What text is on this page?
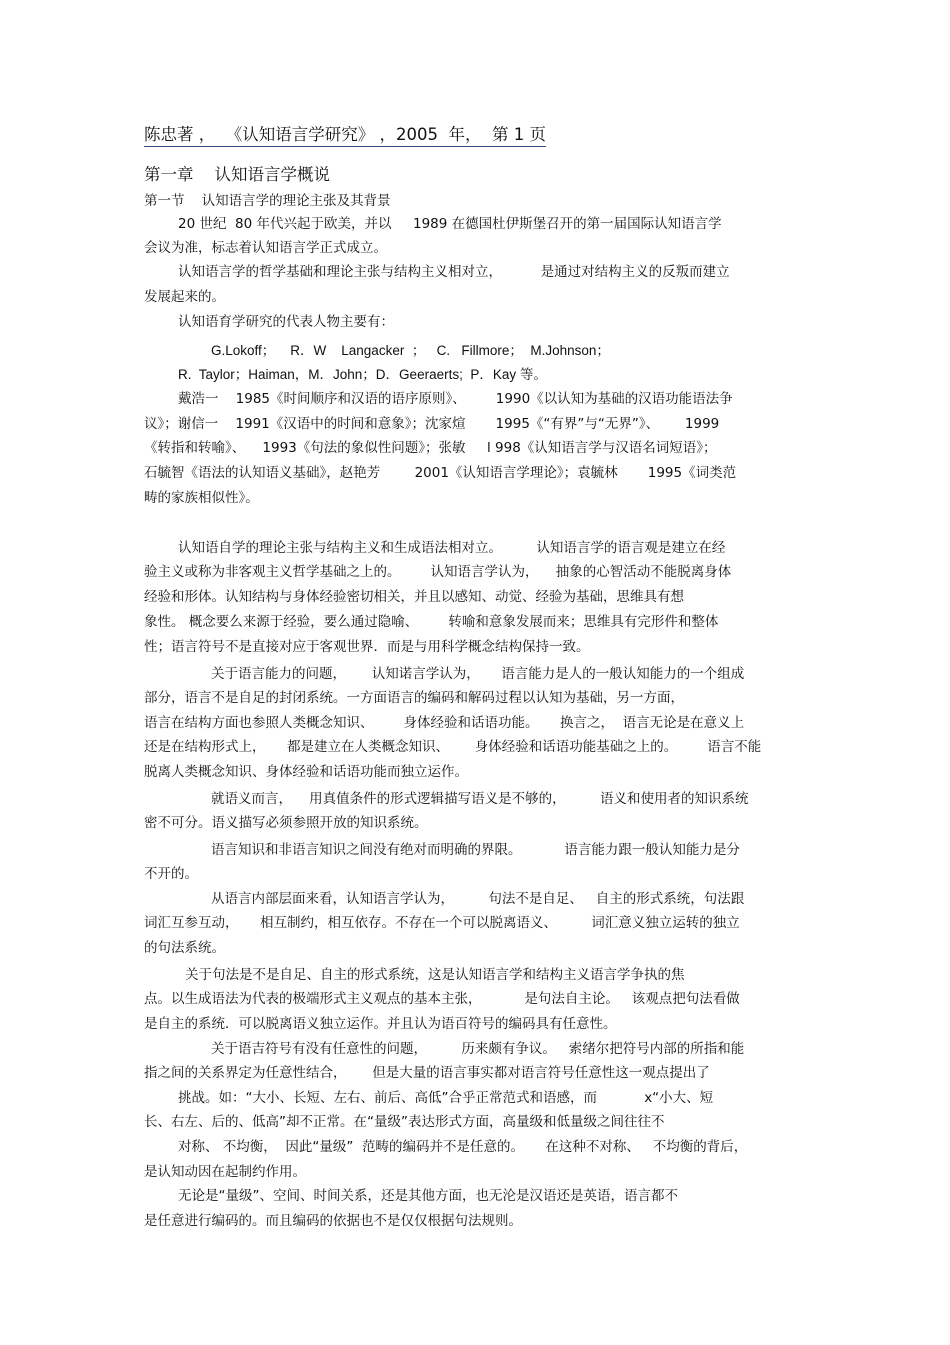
陈忠著 ，  《认知语言学研究》 ，2005  年，  第 1 页
第一章    认知语言学概说
第一节    认知语言学的理论主张及其背景
20 世纪  80 年代兴起于欧美，并以     1989 在德国杜伊斯堡召开的第一届国际认知语言学
会议为准，标志着认知语言学正式成立。
认知语言学的哲学基础和理论主张与结构主义相对立，         是通过对结构主义的反叛而建立
发展起来的。
认知语育学研究的代表人物主要有：
G.Lokoff；    R．W    Langacker  ；   C.   Fillmore；  M.Johnson；
R.  Taylor；Haiman，M．John；D．Geeraerts;  P．Kay 等。
戴浩一    1985《时间顺序和汉语的语序原则》、       1990《以认知为基础的汉语功能语法争
议》；谢信一    1991《汉语中的时间和意象》；沈家煊       1995《“有界”与“无界”》、      1999
《转指和转喻》、    1993《句法的象似性问题》；张敏     l 998《认知语言学与汉语名词短语》；
石毓智《语法的认知语义基础》，赵艳芳        2001《认知语言学理论》；袁毓林       1995《词类范
畴的家族相似性》。
认知语自学的理论主张与结构主义和生成语法相对立。        认知语言学的语言观是建立在经
验主义或称为非客观主义哲学基础之上的。       认知语言学认为，    抽象的心智活动不能脱离身体
经验和形体。认知结构与身体经验密切相关，并且以感知、动觉、经验为基础，思维具有想
象性。 概念要么来源于经验，要么通过隐喻、       转喻和意象发展而来；思维具有完形件和整体
性；语言符号不是直接对应于客观世界．而是与用科学概念结构保持一致。
关于语言能力的问题，      认知诺言学认为，     语言能力是人的一般认知能力的一个组成
部分，语言不是自足的封闭系统。一方面语言的编码和解码过程以认知为基础，另一方面，
语言在结构方面也参照人类概念知识、       身体经验和话语功能。     换言之，  语言无论是在意义上
还是在结构形式上，     都是建立在人类概念知识、      身体经验和话语功能基础之上的。       语言不能
脱离人类概念知识、身体经验和话语功能而独立运作。
就语义而言，    用真值条件的形式逻辑描写语义是不够的，        语义和使用者的知识系统
密不可分。语义描写必须参照开放的知识系统。
语言知识和非语言知识之间没有绝对而明确的界限。          语言能力跟一般认知能力是分
不开的。
从语言内部层面来看，认知语言学认为，        句法不是自足、   自主的形式系统，句法跟
词汇互参互动，     相互制约，相互依存。不存在一个可以脱离语义、        词汇意义独立运转的独立
的句法系统。
关于句法是不是自足、自主的形式系统，这是认知语言学和结构主义语言学争执的焦
点。以生成语法为代表的极端形式主义观点的基本主张，          是句法自主论。   该观点把句法看做
是自主的系统．可以脱离语义独立运作。并且认为语百符号的编码具有任意性。
关于语吉符号有没有任意性的问题，        历来颇有争议。   索绪尔把符号内部的所指和能
指之间的关系界定为任意性结合，      但是大量的语言事实都对语言符号任意性这一观点提出了
挑战。如：“大小、长短、左右、前后、高低”合乎正常范式和语感，而           x“小大、短
长、右左、后的、低高”却不正常。在“量级”表达形式方面，高量级和低量级之间往往不
对称、 不均衡，  因此“量级”  范畴的编码并不是任意的。     在这种不对称、   不均衡的背后，
是认知动因在起制约作用。
无论是“量级”、空间、时间关系，还是其他方面，也无沦是汉语还是英语，语言都不
是任意进行编码的。而且编码的依据也不是仅仅根据句法规则。
